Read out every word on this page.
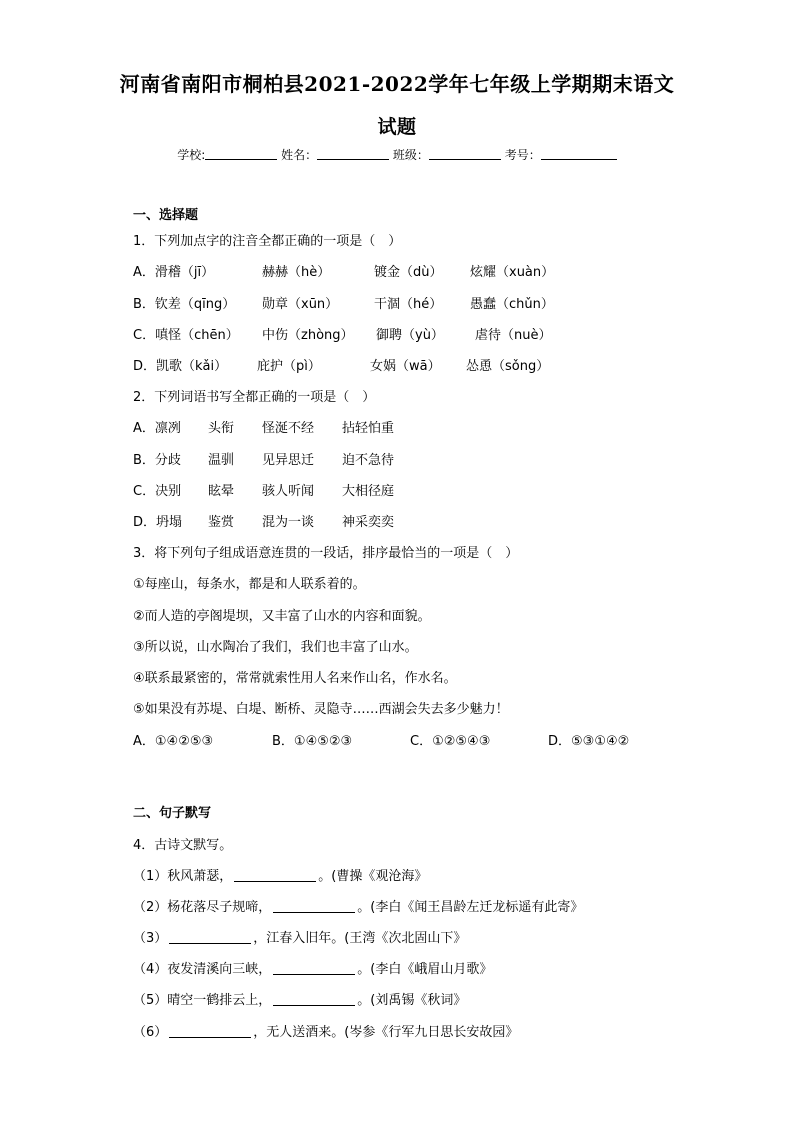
河南省南阳市桐柏县2021-2022学年七年级上学期期末语文
试题
学校:	姓名：	班级：	考号：
一、选择题
1．下列加点字的注音全都正确的一项是（　）
A．滑稽（jī）	赫赫（hè）	镀金（dù） 炫耀（xuàn）
B．钦差（qīng） 勋章（xūn）	干涸（hé） 愚蠢（chǔn）
C．嗔怪（chēn） 中伤（zhòng） 御聘（yù） 虐待（nuè）
D．凯歌（kǎi） 庇护（pì）	女娲（wā） 怂恿（sǒng）
2．下列词语书写全都正确的一项是（　）
A．凛冽 头衔 怪涎不经 拈轻怕重
B．分歧 温驯 见异思迁 迫不急待
C．决别 眩晕 骇人听闻 大相径庭
D．坍塌 鉴赏 混为一谈 神采奕奕
3．将下列句子组成语意连贯的一段话，排序最恰当的一项是（　）
①每座山，每条水，都是和人联系着的。
②而人造的亭阁堤坝，又丰富了山水的内容和面貌。
③所以说，山水陶冶了我们，我们也丰富了山水。
④联系最紧密的，常常就索性用人名来作山名，作水名。
⑤如果没有苏堤、白堤、断桥、灵隐寺……西湖会失去多少魅力！
A．①④②⑤③	B．①④⑤②③	C．①②⑤④③	D．⑤③①④②
二、句子默写
4．古诗文默写。
（1）秋风萧瑟，	。(曹操《观沧海》
（2）杨花落尽子规啼，	。(李白《闻王昌龄左迁龙标遥有此寄》
（3）	，江春入旧年。(王湾《次北固山下》
（4）夜发清溪向三峡，	。(李白《峨眉山月歌》
（5）晴空一鹤排云上，	。(刘禹锡《秋词》
（6）	，无人送酒来。(岑参《行军九日思长安故园》
